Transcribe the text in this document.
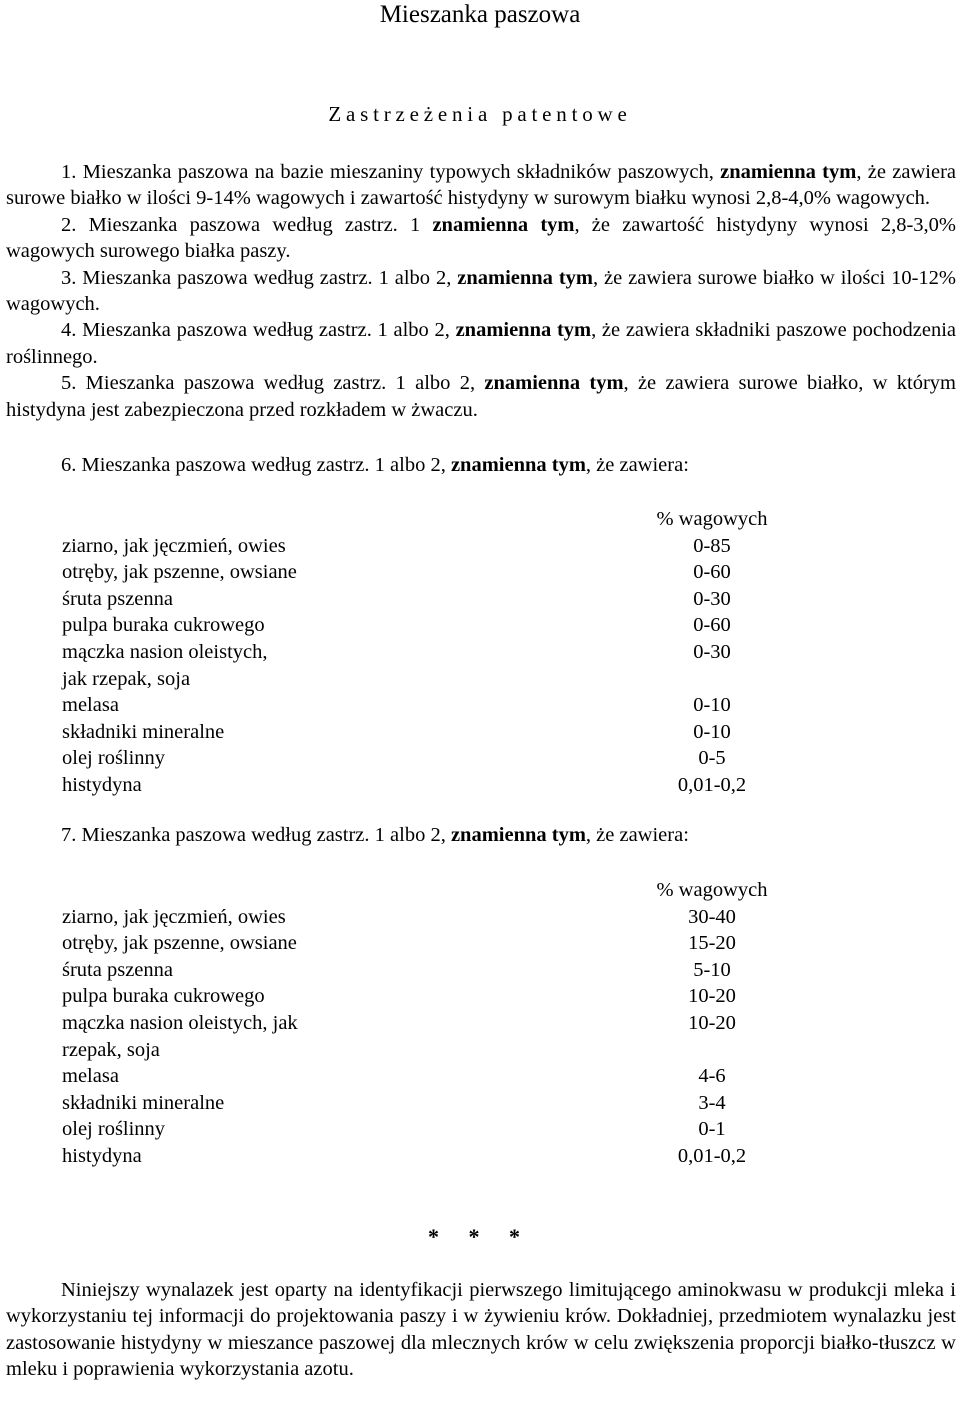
Mieszanka paszowa
Zastrzeżenia patentowe

1. Mieszanka paszowa na bazie mieszaniny typowych składników paszowych, znamienna tym, że zawiera surowe białko w ilości 9-14% wagowych i zawartość histydyny w surowym białku wynosi 2,8-4,0% wagowych.

2. Mieszanka paszowa według zastrz. 1 znamienna tym, że zawartość histydyny wynosi 2,8-3,0% wagowych surowego białka paszy.

3. Mieszanka paszowa według zastrz. 1 albo 2, znamienna tym, że zawiera surowe białko w ilości 10-12% wagowych.

4. Mieszanka paszowa według zastrz. 1 albo 2, znamienna tym, że zawiera składniki paszowe pochodzenia roślinnego.

5. Mieszanka paszowa według zastrz. 1 albo 2, znamienna tym, że zawiera surowe białko, w którym histydyna jest zabezpieczona przed rozkładem w żwaczu.

6. Mieszanka paszowa według zastrz. 1 albo 2, znamienna tym, że zawiera:
% wagowych
ziarno, jak jęczmień, owies	0-85
otręby, jak pszenne, owsiane	0-60
śruta pszenna	0-30
pulpa buraka cukrowego	0-60
mączka nasion oleistych,	0-30
jak rzepak, soja
melasa	0-10
składniki mineralne	0-10
olej roślinny	0-5
histydyna	0,01-0,2
7. Mieszanka paszowa według zastrz. 1 albo 2, znamienna tym, że zawiera:
% wagowych
ziarno, jak jęczmień, owies	30-40
otręby, jak pszenne, owsiane	15-20
śruta pszenna	5-10
pulpa buraka cukrowego	10-20
mączka nasion oleistych, jak	10-20
rzepak, soja
melasa	4-6
składniki mineralne	3-4
olej roślinny	0-1
histydyna	0,01-0,2
* * *

Niniejszy wynalazek jest oparty na identyfikacji pierwszego limitującego aminokwasu w produkcji mleka i wykorzystaniu tej informacji do projektowania paszy i w żywieniu krów. Dokładniej, przedmiotem wynalazku jest zastosowanie histydyny w mieszance paszowej dla mlecznych krów w celu zwiększenia proporcji białko-tłuszcz w mleku i poprawienia wykorzystania azotu.
